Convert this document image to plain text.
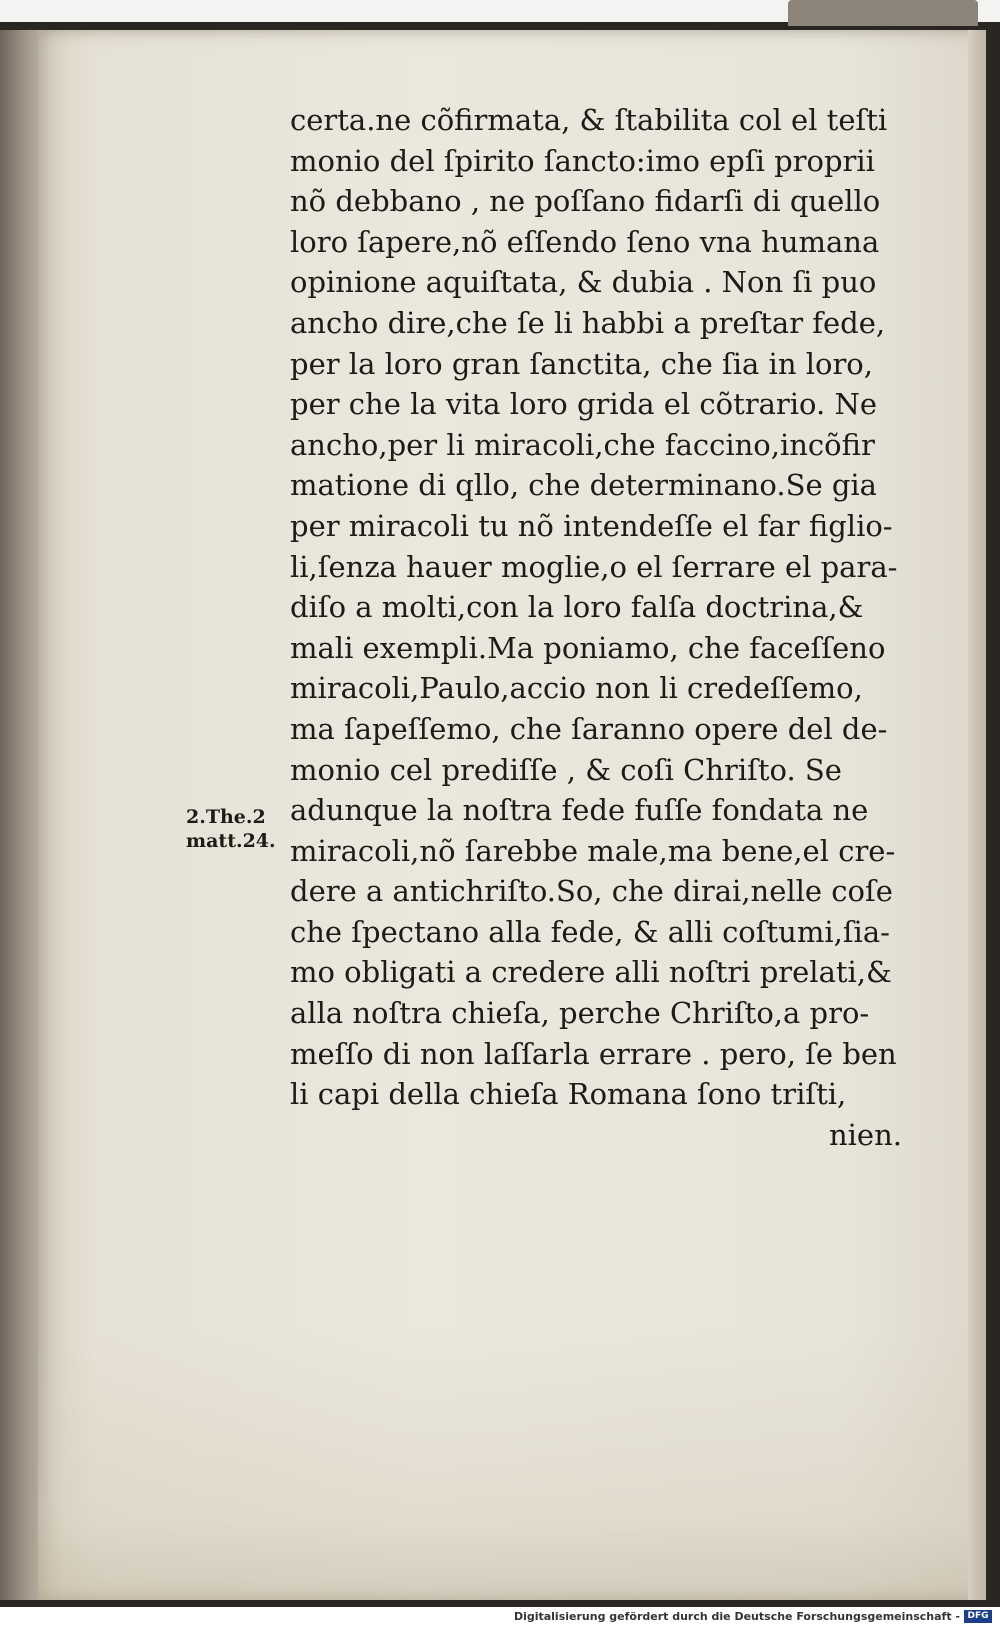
2.The.2
matt.24.
certa.ne cõfirmata, & ſtabilita col el teſti
monio del ſpirito ſancto:imo epſi proprii
nõ debbano , ne poſſano fidarſi di quello
loro ſapere,nõ eſſendo ſeno vna humana
opinione aquiſtata, & dubia . Non ſi puo
ancho dire,che ſe li habbi a preſtar fede,
per la loro gran ſanctita, che ſia in loro,
per che la vita loro grida el cõtrario. Ne
ancho,per li miracoli,che faccino,incõfir
matione di qllo, che determinano.Se gia
per miracoli tu nõ intendeſſe el far figlio-
li,ſenza hauer moglie,o el ſerrare el para-
diſo a molti,con la loro falſa doctrina,&
mali exempli.Ma poniamo, che faceſſeno
miracoli,Paulo,accio non li credeſſemo,
ma ſapeſſemo, che ſaranno opere del de-
monio cel prediſſe , & coſi Chriſto. Se
adunque la noſtra fede fuſſe fondata ne
miracoli,nõ ſarebbe male,ma bene,el cre-
dere a antichriſto.So, che dirai,nelle coſe
che ſpectano alla fede, & alli coſtumi,ſia-
mo obligati a credere alli noſtri prelati,&
alla noſtra chieſa, perche Chriſto,a pro-
meſſo di non laſſarla errare . pero, ſe ben
li capi della chieſa Romana ſono triſti,
nien.
Digitalisierung gefördert durch die Deutsche Forschungsgemeinschaft - DFG
